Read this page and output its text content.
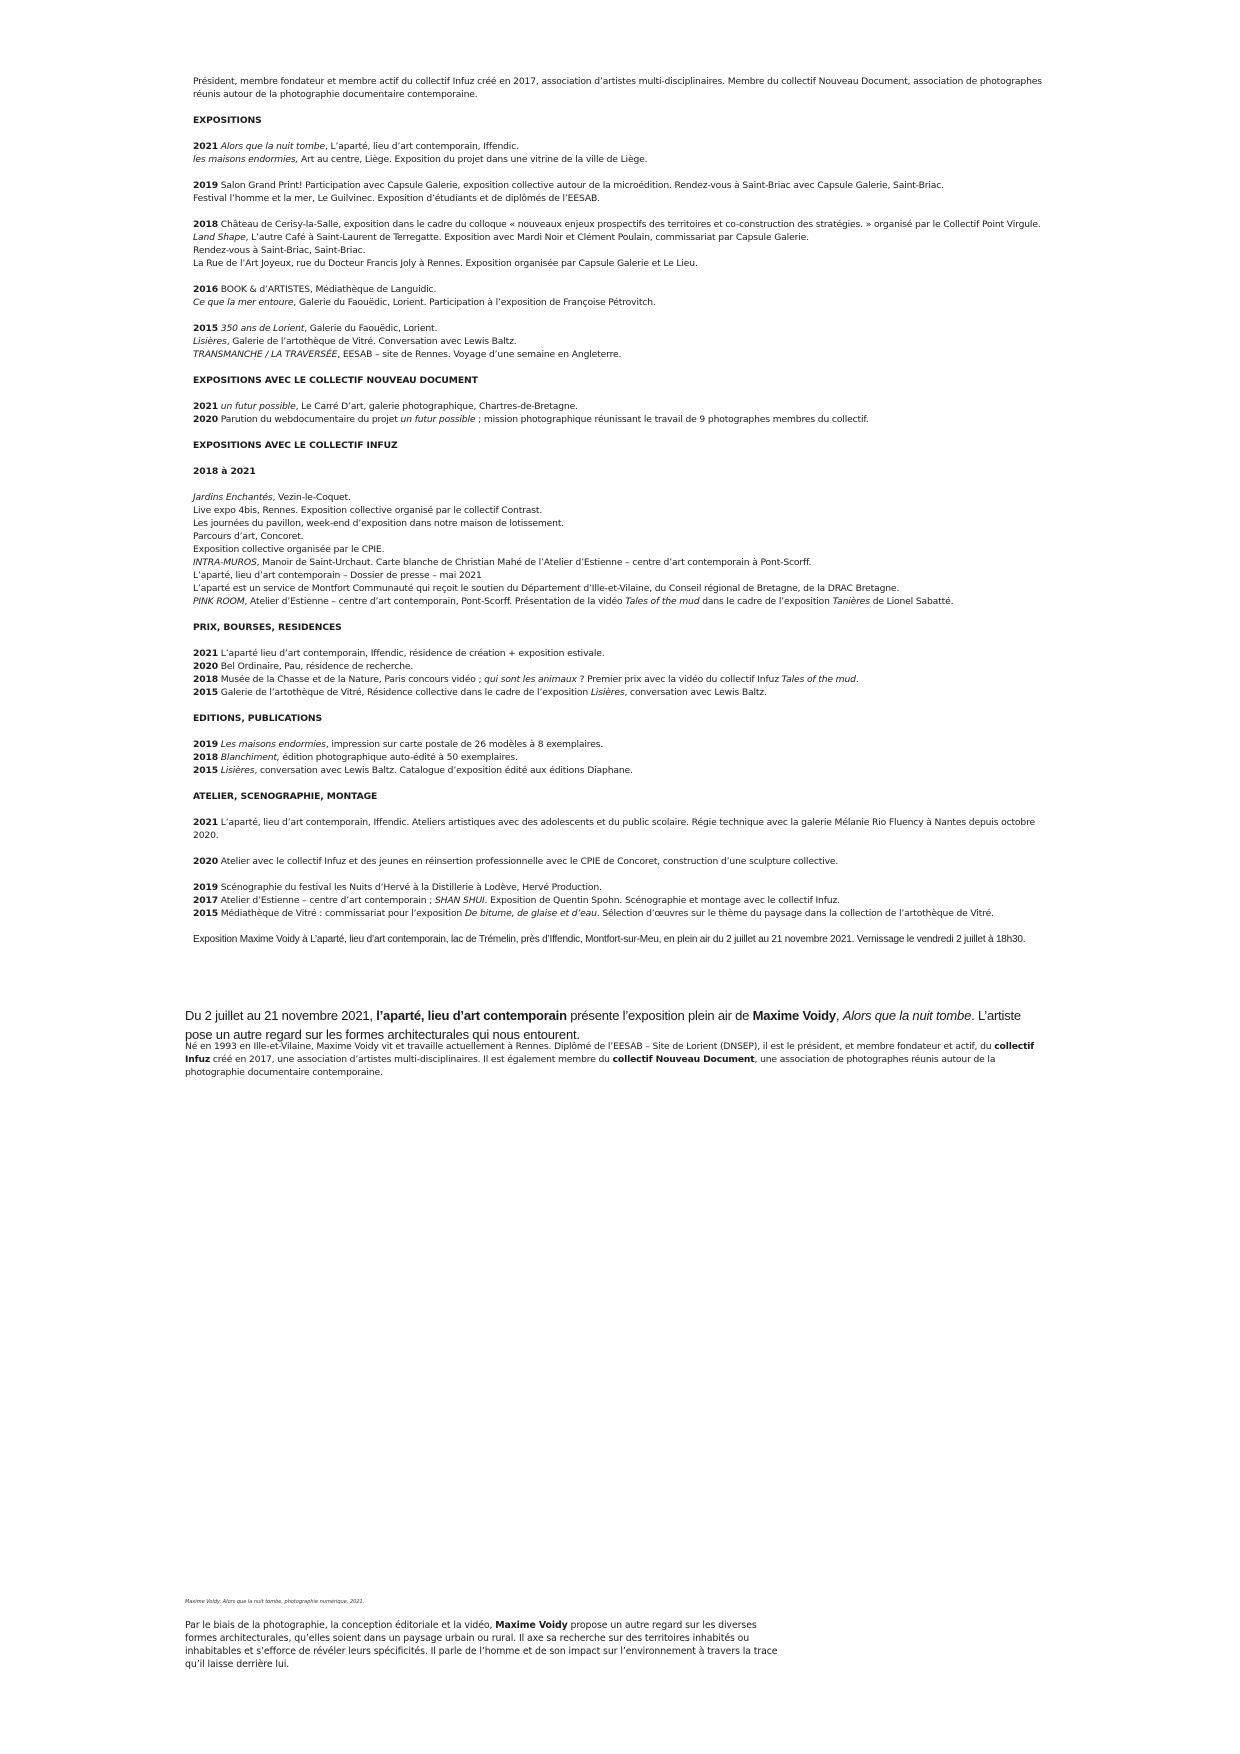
Président, membre fondateur et membre actif du collectif Infuz créé en 2017, association d’artistes multi-disciplinaires. Membre du collectif Nouveau Document, association de photographes réunis autour de la photographie documentaire contemporaine.

EXPOSITIONS

2021 Alors que la nuit tombe, L’aparté, lieu d’art contemporain, Iffendic.

les maisons endormies, Art au centre, Liège. Exposition du projet dans une vitrine de la ville de Liège.

2019 Salon Grand Print! Participation avec Capsule Galerie, exposition collective autour de la microédition. Rendez-vous à Saint-Briac avec Capsule Galerie, Saint-Briac.

Festival l’homme et la mer, Le Guilvinec. Exposition d’étudiants et de diplômés de l’EESAB.

2018 Château de Cerisy-la-Salle, exposition dans le cadre du colloque « nouveaux enjeux prospectifs des territoires et co-construction des stratégies. » organisé par le Collectif Point Virgule.

Land Shape, L’autre Café à Saint-Laurent de Terregatte. Exposition avec Mardi Noir et Clément Poulain, commissariat par Capsule Galerie.

Rendez-vous à Saint-Briac, Saint-Briac.

La Rue de l’Art Joyeux, rue du Docteur Francis Joly à Rennes. Exposition organisée par Capsule Galerie et Le Lieu.

2016 BOOK & d’ARTISTES, Médiathèque de Languidic.

Ce que la mer entoure, Galerie du Faouëdic, Lorient. Participation à l’exposition de Françoise Pétrovitch.

2015 350 ans de Lorient, Galerie du Faouëdic, Lorient.

Lisières, Galerie de l’artothèque de Vitré. Conversation avec Lewis Baltz.

TRANSMANCHE / LA TRAVERSÉE, EESAB – site de Rennes. Voyage d’une semaine en Angleterre.

EXPOSITIONS AVEC LE COLLECTIF NOUVEAU DOCUMENT

2021 un futur possible, Le Carré D’art, galerie photographique, Chartres-de-Bretagne.

2020 Parution du webdocumentaire du projet un futur possible ; mission photographique réunissant le travail de 9 photographes membres du collectif.

EXPOSITIONS AVEC LE COLLECTIF INFUZ
2018 à 2021

Jardins Enchantés, Vezin-le-Coquet.

Live expo 4bis, Rennes. Exposition collective organisé par le collectif Contrast.

Les journées du pavillon, week-end d’exposition dans notre maison de lotissement.

Parcours d’art, Concoret.

Exposition collective organisée par le CPIE.

INTRA-MUROS, Manoir de Saint-Urchaut. Carte blanche de Christian Mahé de l’Atelier d’Estienne – centre d’art contemporain à Pont-Scorff.

L’aparté, lieu d’art contemporain – Dossier de presse – mai 2021

L’aparté est un service de Montfort Communauté qui reçoit le soutien du Département d’Ille-et-Vilaine, du Conseil régional de Bretagne, de la DRAC Bretagne.

PINK ROOM, Atelier d’Estienne – centre d’art contemporain, Pont-Scorff. Présentation de la vidéo Tales of the mud dans le cadre de l’exposition Tanières de Lionel Sabatté.

PRIX, BOURSES, RESIDENCES

2021 L’aparté lieu d’art contemporain, Iffendic, résidence de création + exposition estivale.

2020 Bel Ordinaire, Pau, résidence de recherche.

2018 Musée de la Chasse et de la Nature, Paris concours vidéo ; qui sont les animaux ? Premier prix avec la vidéo du collectif Infuz Tales of the mud.

2015 Galerie de l’artothèque de Vitré, Résidence collective dans le cadre de l’exposition Lisières, conversation avec Lewis Baltz.

EDITIONS, PUBLICATIONS

2019 Les maisons endormies, impression sur carte postale de 26 modèles à 8 exemplaires.

2018 Blanchiment, édition photographique auto-édité à 50 exemplaires.

2015 Lisières, conversation avec Lewis Baltz. Catalogue d’exposition édité aux éditions Diaphane.

ATELIER, SCENOGRAPHIE, MONTAGE

2021 L’aparté, lieu d’art contemporain, Iffendic. Ateliers artistiques avec des adolescents et du public scolaire. Régie technique avec la galerie Mélanie Rio Fluency à Nantes depuis octobre 2020.

2020 Atelier avec le collectif Infuz et des jeunes en réinsertion professionnelle avec le CPIE de Concoret, construction d’une sculpture collective.

2019 Scénographie du festival les Nuits d’Hervé à la Distillerie à Lodève, Hervé Production.

2017 Atelier d’Estienne – centre d’art contemporain ; SHAN SHUI. Exposition de Quentin Spohn. Scénographie et montage avec le collectif Infuz.

2015 Médiathèque de Vitré : commissariat pour l’exposition De bitume, de glaise et d’eau. Sélection d’œuvres sur le thème du paysage dans la collection de l’artothèque de Vitré.

Exposition Maxime Voidy à L’aparté, lieu d’art contemporain, lac de Trémelin, près d’Iffendic, Montfort-sur-Meu, en plein air du 2 juillet au 21 novembre 2021. Vernissage le vendredi 2 juillet à 18h30.

Du 2 juillet au 21 novembre 2021, l’aparté, lieu d’art contemporain présente l’exposition plein air de Maxime Voidy, Alors que la nuit tombe. L’artiste pose un autre regard sur les formes architecturales qui nous entourent.

Né en 1993 en Ille-et-Vilaine, Maxime Voidy vit et travaille actuellement à Rennes. Diplômé de l’EESAB – Site de Lorient (DNSEP), il est le président, et membre fondateur et actif, du collectif Infuz créé en 2017, une association d’artistes multi-disciplinaires. Il est également membre du collectif Nouveau Document, une association de photographes réunis autour de la photographie documentaire contemporaine.

Maxime Voidy, Alors que la nuit tombe, photographie numérique, 2021.

Par le biais de la photographie, la conception éditoriale et la vidéo, Maxime Voidy propose un autre regard sur les diverses formes architecturales, qu’elles soient dans un paysage urbain ou rural. Il axe sa recherche sur des territoires inhabités ou inhabitables et s’efforce de révéler leurs spécificités. Il parle de l’homme et de son impact sur l’environnement à travers la trace qu’il laisse derrière lui.
